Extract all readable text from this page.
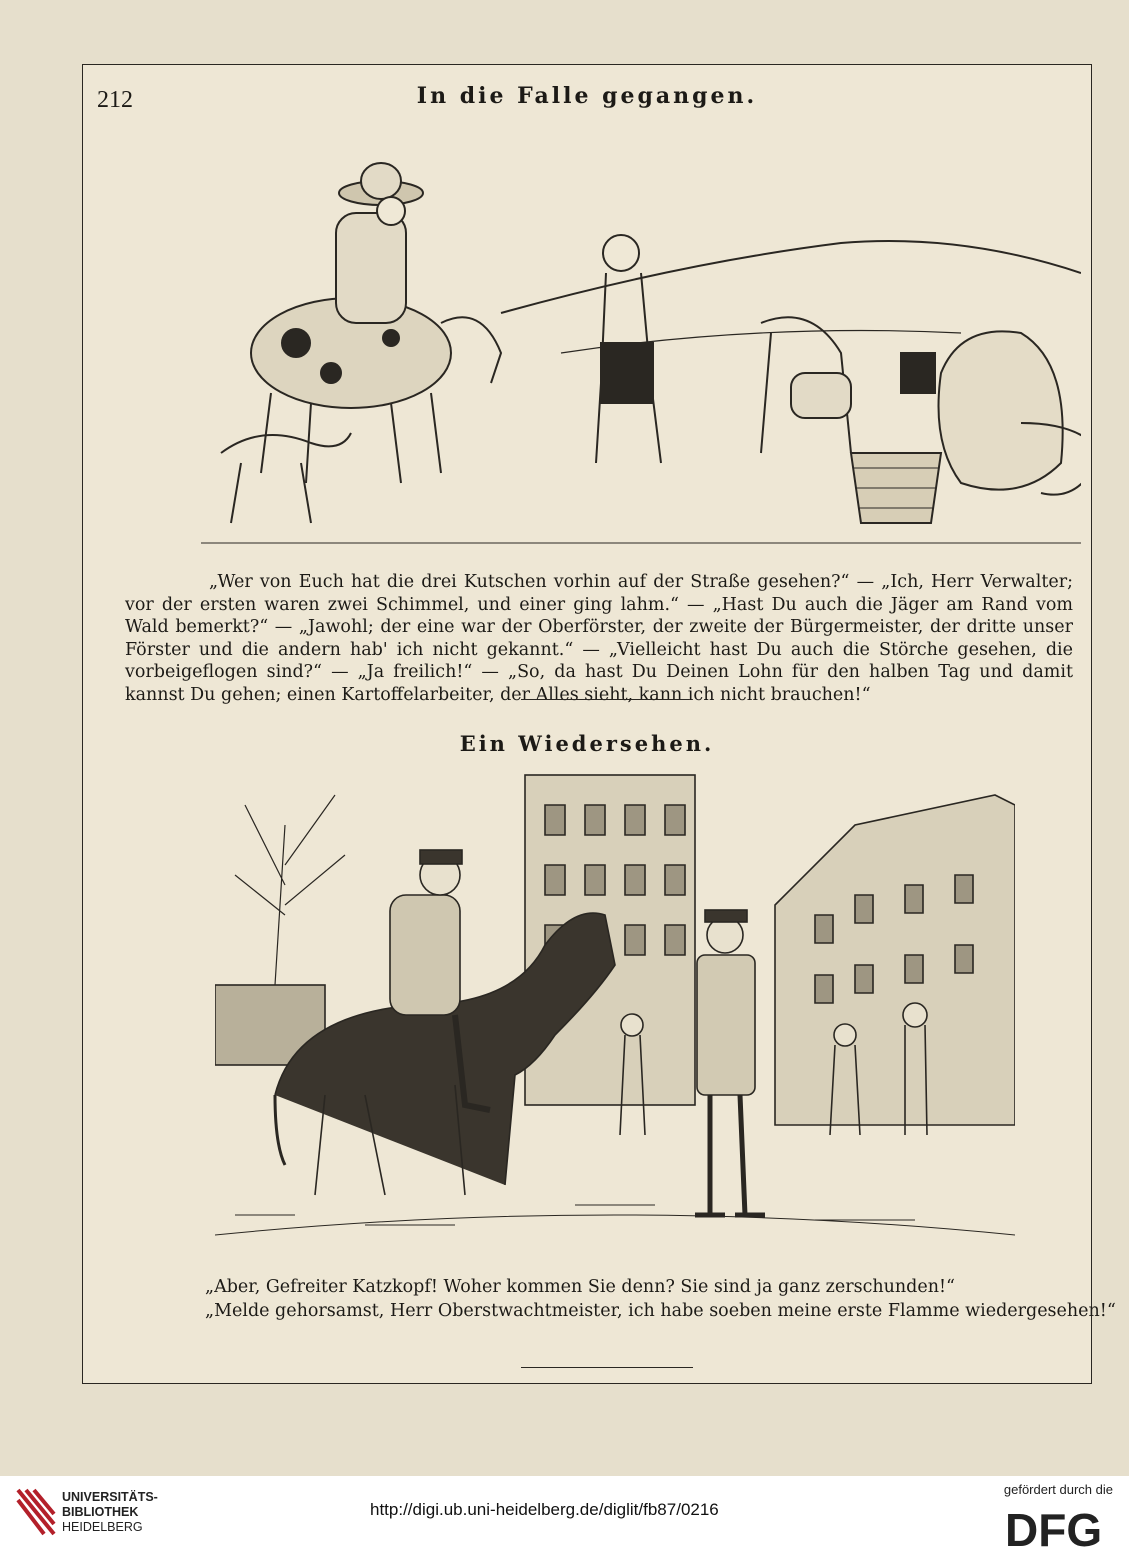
212	In die Falle gegangen.
„Wer von Euch hat die drei Kutschen vorhin auf der Straße gesehen?“ — „Ich, Herr Verwalter; vor der ersten waren zwei Schimmel, und einer ging lahm.“ — „Hast Du auch die Jäger am Rand vom Wald bemerkt?“ — „Jawohl; der eine war der Oberförster, der zweite der Bürgermeister, der dritte unser Förster und die andern hab' ich nicht gekannt.“ — „Vielleicht hast Du auch die Störche gesehen, die vorbeigeflogen sind?“ — „Ja freilich!“ — „So, da hast Du Deinen Lohn für den halben Tag und damit kannst Du gehen; einen Kartoffelarbeiter, der Alles sieht, kann ich nicht brauchen!“
Ein Wiedersehen.
„Aber, Gefreiter Katzkopf! Woher kommen Sie denn? Sie sind ja ganz zerschunden!“
„Melde gehorsamst, Herr Oberstwachtmeister, ich habe soeben meine erste Flamme wiedergesehen!“
UNIVERSITÄTS-
BIBLIOTHEK
HEIDELBERG
http://digi.ub.uni-heidelberg.de/diglit/fb87/0216
gefördert durch die
DFG
